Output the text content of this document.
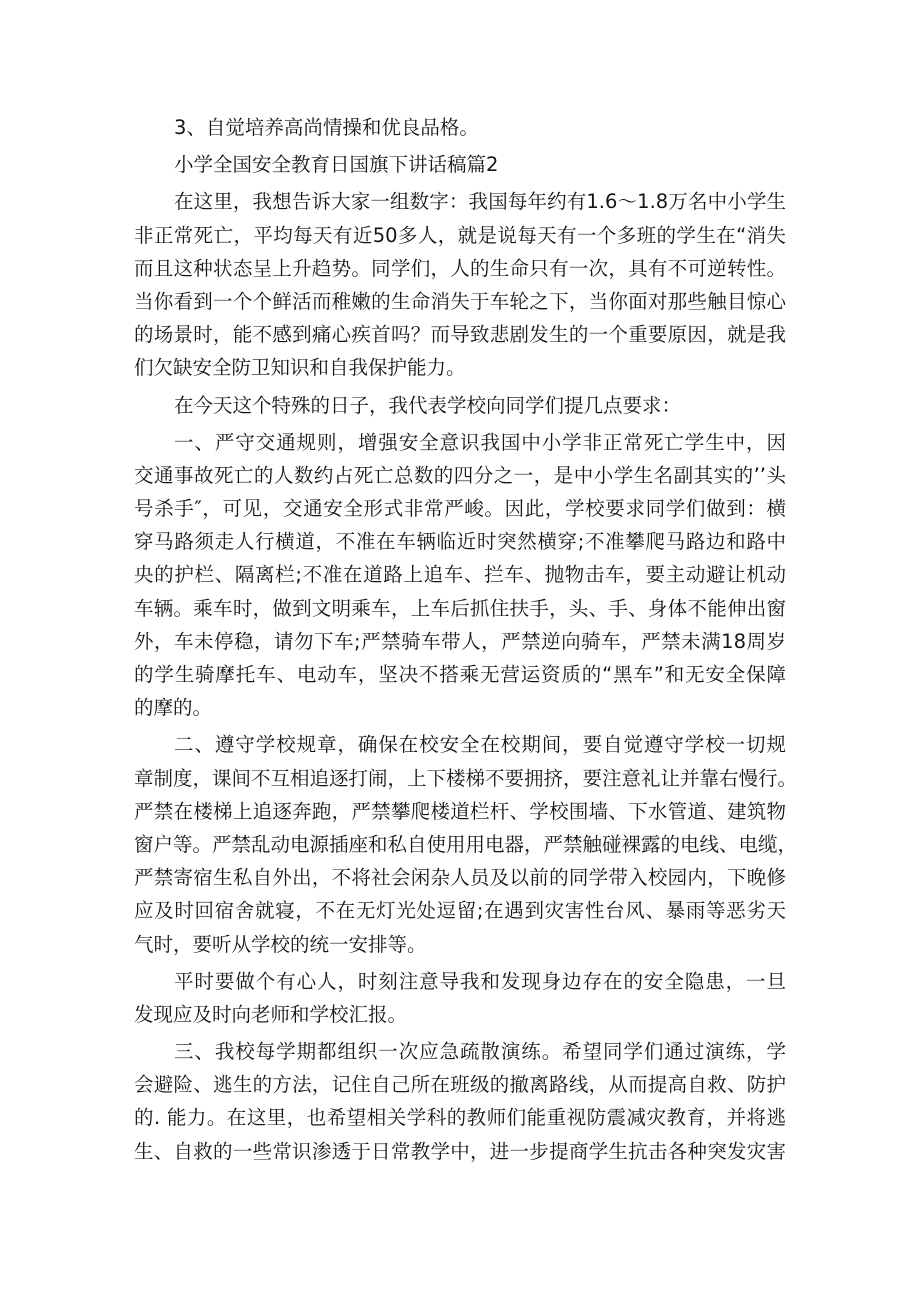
3、自觉培养高尚情操和优良品格。
小学全国安全教育日国旗下讲话稿篇2
在这里，我想告诉大家一组数字：我国每年约有1.6～1.8万名中小学生
非正常死亡，平均每天有近50多人，就是说每天有一个多班的学生在“消失
而且这种状态呈上升趋势。同学们，人的生命只有一次，具有不可逆转性。
当你看到一个个鲜活而稚嫩的生命消失于车轮之下，当你面对那些触目惊心
的场景时，能不感到痛心疾首吗？而导致悲剧发生的一个重要原因，就是我
们欠缺安全防卫知识和自我保护能力。
在今天这个特殊的日子，我代表学校向同学们提几点要求：
一、严守交通规则，增强安全意识我国中小学非正常死亡学生中，因
交通事故死亡的人数约占死亡总数的四分之一，是中小学生名副其实的’’头
号杀手″，可见，交通安全形式非常严峻。因此，学校要求同学们做到：横
穿马路须走人行横道，不准在车辆临近时突然横穿;不准攀爬马路边和路中
央的护栏、隔离栏;不准在道路上追车、拦车、抛物击车，要主动避让机动
车辆。乘车时，做到文明乘车，上车后抓住扶手，头、手、身体不能伸出窗
外，车未停稳，请勿下车;严禁骑车带人，严禁逆向骑车，严禁未满18周岁
的学生骑摩托车、电动车，坚决不搭乘无营运资质的“黑车”和无安全保障
的摩的。
二、遵守学校规章，确保在校安全在校期间，要自觉遵守学校一切规
章制度，课间不互相追逐打闹，上下楼梯不要拥挤，要注意礼让并靠右慢行。
严禁在楼梯上追逐奔跑，严禁攀爬楼道栏杆、学校围墙、下水管道、建筑物
窗户等。严禁乱动电源插座和私自使用用电器，严禁触碰裸露的电线、电缆，
严禁寄宿生私自外出，不将社会闲杂人员及以前的同学带入校园内，下晚修
应及时回宿舍就寝，不在无灯光处逗留;在遇到灾害性台风、暴雨等恶劣天
气时，要听从学校的统一安排等。
平时要做个有心人，时刻注意导我和发现身边存在的安全隐患，一旦
发现应及时向老师和学校汇报。
三、我校每学期都组织一次应急疏散演练。希望同学们通过演练，学
会避险、逃生的方法，记住自己所在班级的撤离路线，从而提高自救、防护
的. 能力。在这里，也希望相关学科的教师们能重视防震减灾教育，并将逃
生、自救的一些常识渗透于日常教学中，进一步提商学生抗击各种突发灾害
